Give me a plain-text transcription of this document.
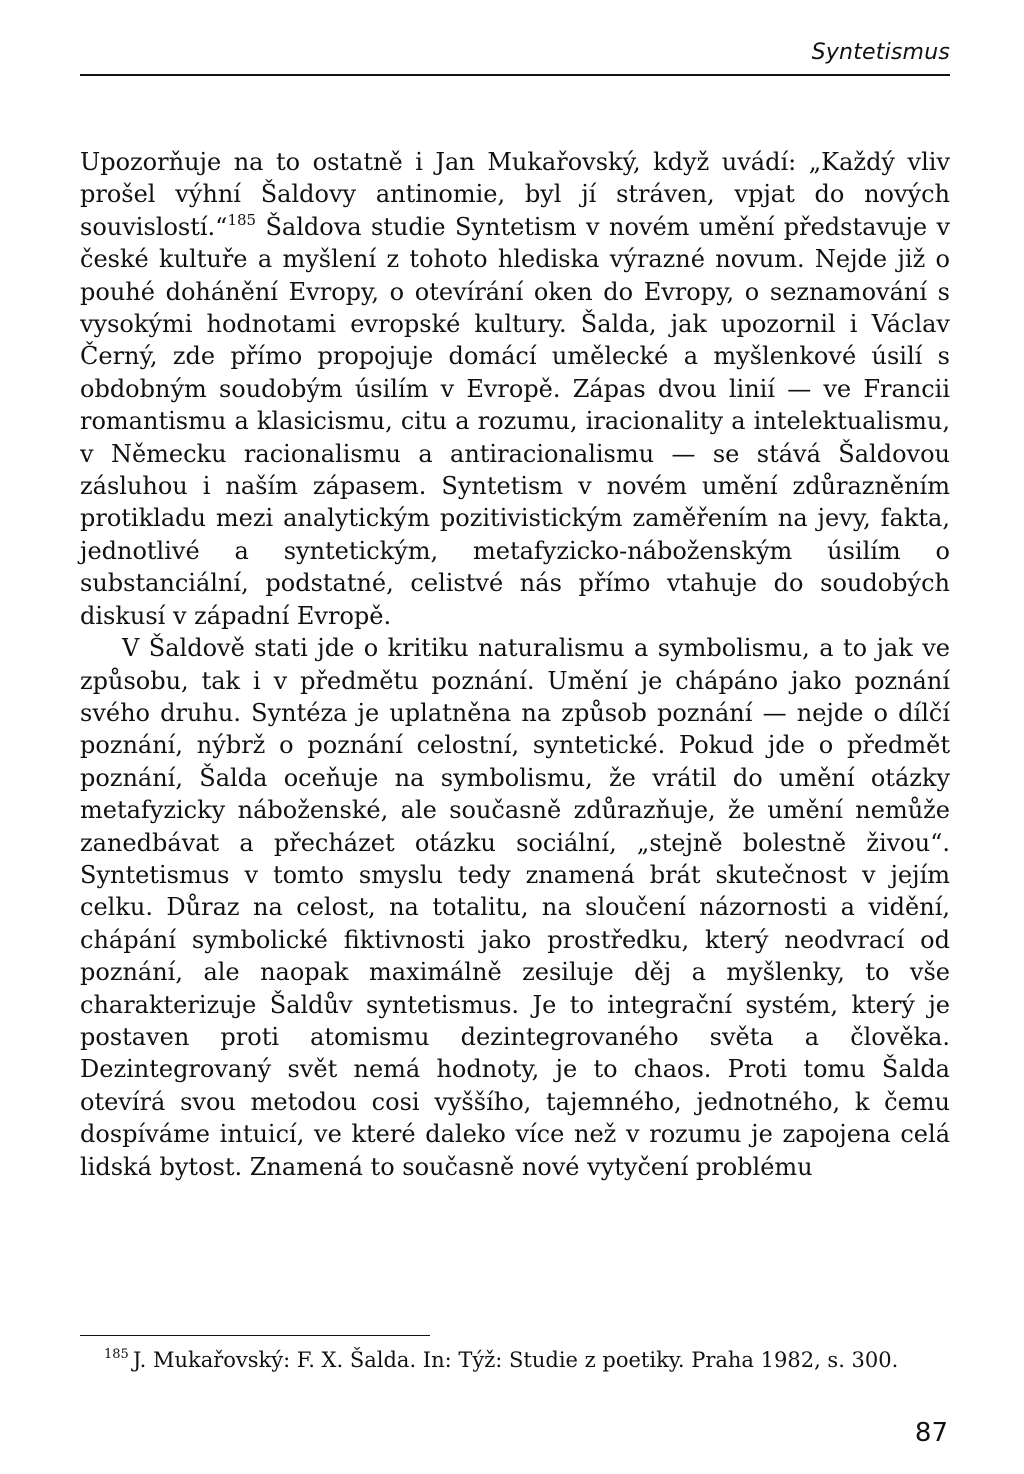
Syntetismus

Upozorňuje na to ostatně i Jan Mukařovský, když uvádí: „Každý vliv prošel výhní Šaldovy antinomie, byl jí stráven, vpjat do nových souvislostí.“$^{185}$ Šaldova studie Syntetism v novém umění představuje v české kultuře a myšlení z tohoto hlediska výrazné novum. Nejde již o pouhé dohánění Evropy, o otevírání oken do Evropy, o seznamování s vysokými hodnotami evropské kultury. Šalda, jak upozornil i Václav Černý, zde přímo propojuje domácí umělecké a myšlenkové úsilí s obdobným soudobým úsilím v Evropě. Zápas dvou linií — ve Francii romantismu a klasicismu, citu a rozumu, iracionality a intelektualismu, v Německu racionalismu a antiracionalismu — se stává Šaldovou zásluhou i naším zápasem. Syntetism v novém umění zdůrazněním protikladu mezi analytickým pozitivistickým zaměřením na jevy, fakta, jednotlivé a syntetickým, metafyzicko-náboženským úsilím o substanciální, podstatné, celistvé nás přímo vtahuje do soudobých diskusí v západní Evropě.

V Šaldově stati jde o kritiku naturalismu a symbolismu, a to jak ve způsobu, tak i v předmětu poznání. Umění je chápáno jako poznání svého druhu. Syntéza je uplatněna na způsob poznání — nejde o dílčí poznání, nýbrž o poznání celostní, syntetické. Pokud jde o předmět poznání, Šalda oceňuje na symbolismu, že vrátil do umění otázky metafyzicky náboženské, ale současně zdůrazňuje, že umění nemůže zanedbávat a přecházet otázku sociální, „stejně bolestně živou“. Syntetismus v tomto smyslu tedy znamená brát skutečnost v jejím celku. Důraz na celost, na totalitu, na sloučení názornosti a vidění, chápání symbolické fiktivnosti jako prostředku, který neodvrací od poznání, ale naopak maximálně zesiluje děj a myšlenky, to vše charakterizuje Šaldův syntetismus. Je to integrační systém, který je postaven proti atomismu dezintegrovaného světa a člověka. Dezintegrovaný svět nemá hodnoty, je to chaos. Proti tomu Šalda otevírá svou metodou cosi vyššího, tajemného, jednotného, k čemu dospíváme intuicí, ve které daleko více než v rozumu je zapojena celá lidská bytost. Znamená to současně nové vytyčení problému

$^{185}$ J. Mukařovský: F. X. Šalda. In: Týž: Studie z poetiky. Praha 1982, s. 300.
87
